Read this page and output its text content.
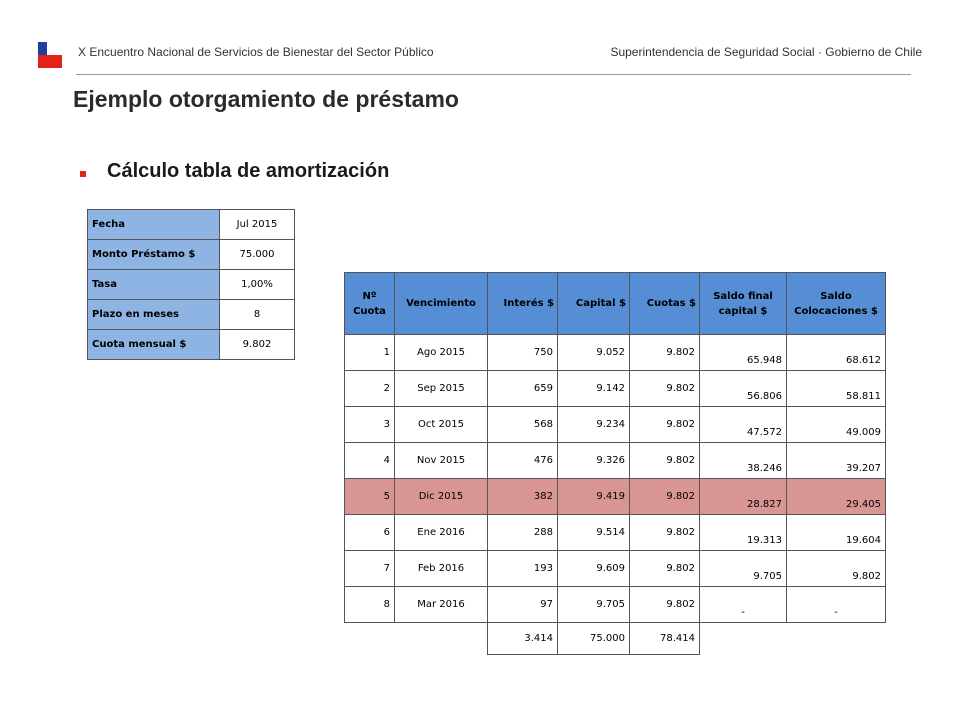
X Encuentro Nacional de Servicios de Bienestar del Sector Público	Superintendencia de Seguridad Social · Gobierno de Chile
Ejemplo otorgamiento de préstamo
Cálculo tabla de amortización
Fecha	Jul 2015
Monto Préstamo $	75.000
Tasa	1,00%
Plazo en meses	8
Cuota mensual $	9.802
Nº Cuota	Vencimiento	Interés $	Capital $	Cuotas $	Saldo final capital $	Saldo Colocaciones $
1	Ago 2015	750	9.052	9.802	65.948	68.612
2	Sep 2015	659	9.142	9.802	56.806	58.811
3	Oct 2015	568	9.234	9.802	47.572	49.009
4	Nov 2015	476	9.326	9.802	38.246	39.207
5	Dic 2015	382	9.419	9.802	28.827	29.405
6	Ene 2016	288	9.514	9.802	19.313	19.604
7	Feb 2016	193	9.609	9.802	9.705	9.802
8	Mar 2016	97	9.705	9.802	-	-
		3.414	75.000	78.414		
